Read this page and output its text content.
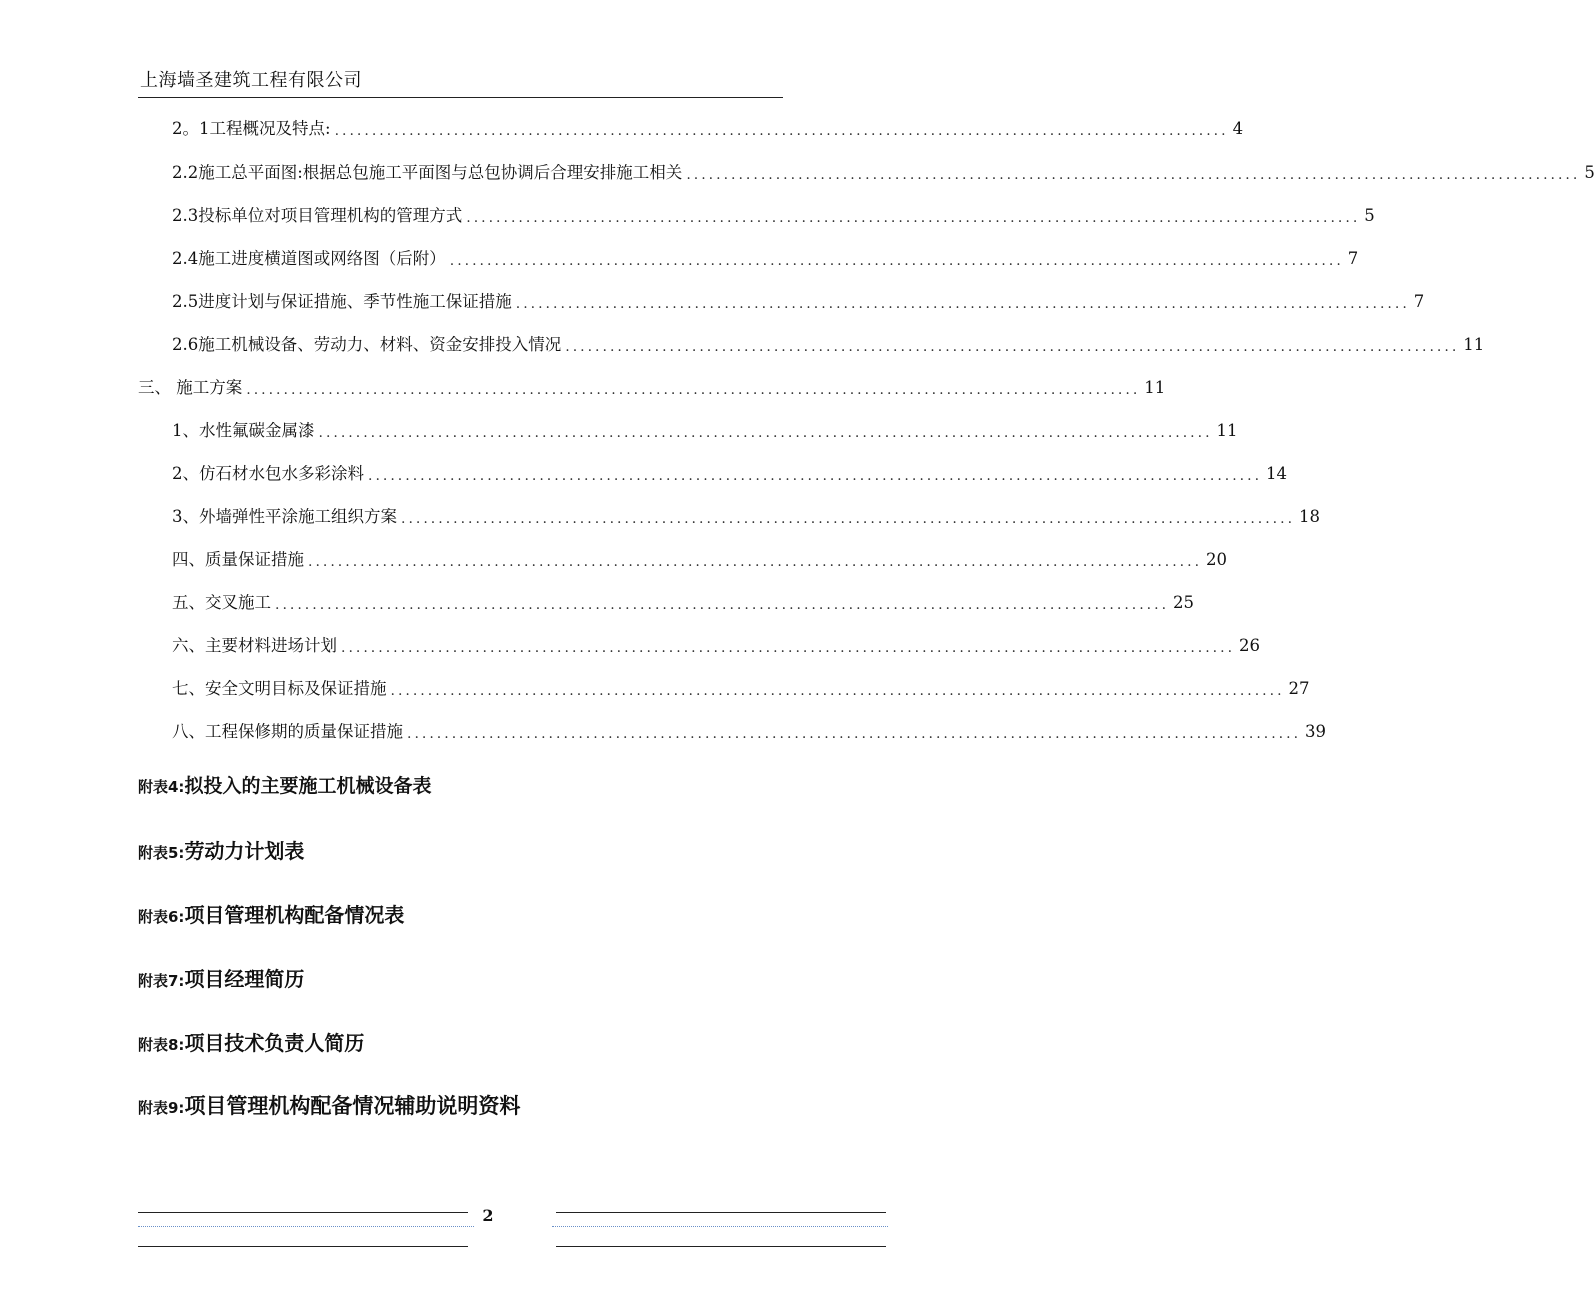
上海墙圣建筑工程有限公司
2。1工程概况及特点: ........................................................................................................................ 4
2.2施工总平面图:根据总包施工平面图与总包协调后合理安排施工相关 ........................................................................................................................ 5
2.3投标单位对项目管理机构的管理方式 ........................................................................................................................ 5
2.4施工进度横道图或网络图（后附） ........................................................................................................................ 7
2.5进度计划与保证措施、季节性施工保证措施 ........................................................................................................................ 7
2.6施工机械设备、劳动力、材料、资金安排投入情况 ........................................................................................................................ 11
三、 施工方案 ........................................................................................................................ 11
1、水性氟碳金属漆 ........................................................................................................................ 11
2、仿石材水包水多彩涂料 ........................................................................................................................ 14
3、外墙弹性平涂施工组织方案 ........................................................................................................................ 18
四、质量保证措施 ........................................................................................................................ 20
五、交叉施工 ........................................................................................................................ 25
六、主要材料进场计划 ........................................................................................................................ 26
七、安全文明目标及保证措施 ........................................................................................................................ 27
八、工程保修期的质量保证措施 ........................................................................................................................ 39
附表4:拟投入的主要施工机械设备表
附表5:劳动力计划表
附表6:项目管理机构配备情况表
附表7:项目经理简历
附表8:项目技术负责人简历
附表9:项目管理机构配备情况辅助说明资料
2
